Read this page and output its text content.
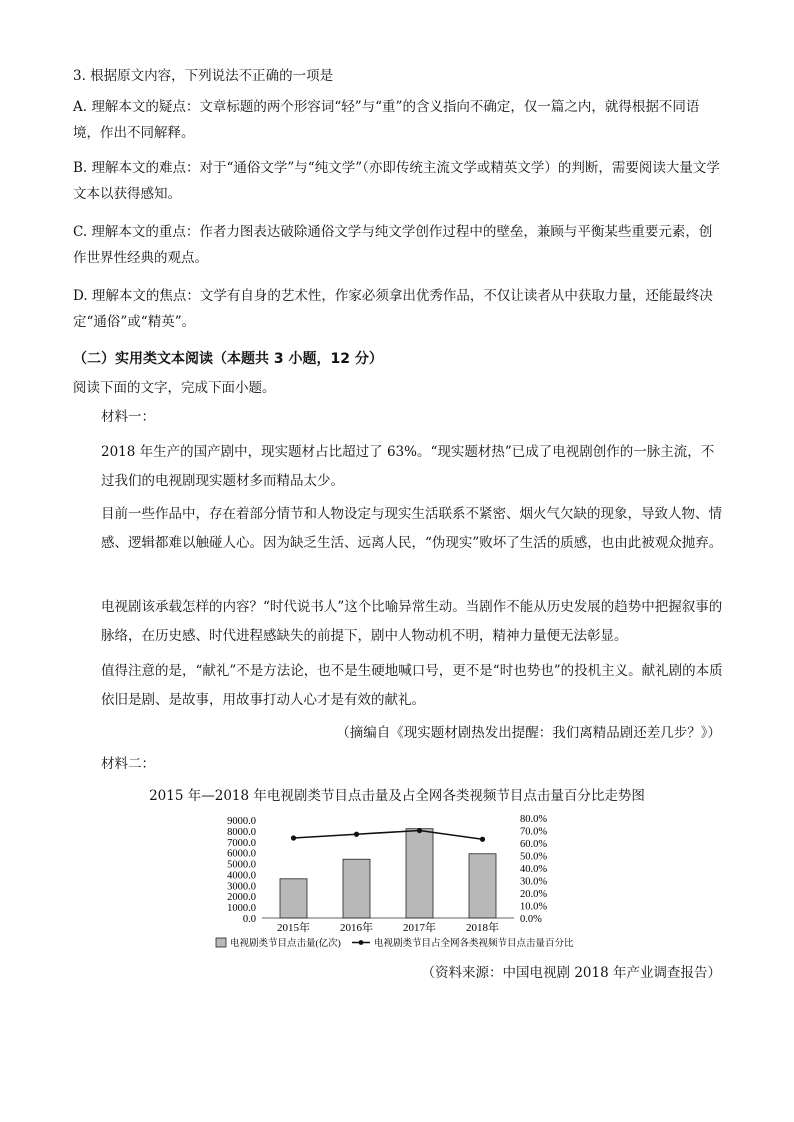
3. 根据原文内容，下列说法不正确的一项是
A. 理解本文的疑点：文章标题的两个形容词“轻”与“重”的含义指向不确定，仅一篇之内，就得根据不同语境，作出不同解释。
B. 理解本文的难点：对于“通俗文学”与“纯文学”（亦即传统主流文学或精英文学）的判断，需要阅读大量文学文本以获得感知。
C. 理解本文的重点：作者力图表达破除通俗文学与纯文学创作过程中的壁垒，兼顾与平衡某些重要元素，创作世界性经典的观点。
D. 理解本文的焦点：文学有自身的艺术性，作家必须拿出优秀作品，不仅让读者从中获取力量，还能最终决定“通俗”或“精英”。
（二）实用类文本阅读（本题共 3 小题，12 分）
阅读下面的文字，完成下面小题。
材料一：
2018 年生产的国产剧中，现实题材占比超过了 63%。“现实题材热”已成了电视剧创作的一脉主流，不过我们的电视剧现实题材多而精品太少。
目前一些作品中，存在着部分情节和人物设定与现实生活联系不紧密、烟火气欠缺的现象，导致人物、情感、逻辑都难以触碰人心。因为缺乏生活、远离人民，“伪现实”败坏了生活的质感，也由此被观众抛弃。
电视剧该承载怎样的内容？“时代说书人”这个比喻异常生动。当剧作不能从历史发展的趋势中把握叙事的脉络，在历史感、时代进程感缺失的前提下，剧中人物动机不明，精神力量便无法彰显。
值得注意的是，“献礼”不是方法论，也不是生硬地喊口号，更不是“时也势也”的投机主义。献礼剧的本质依旧是剧、是故事，用故事打动人心才是有效的献礼。
（摘编自《现实题材剧热发出提醒：我们离精品剧还差几步？》）
材料二：
2015 年—2018 年电视剧类节目点击量及占全网各类视频节目点击量百分比走势图
9000.0
8000.0
7000.0
6000.0
5000.0
4000.0
3000.0
2000.0
1000.0
0.0
80.0%
70.0%
60.0%
50.0%
40.0%
30.0%
20.0%
10.0%
0.0%
2015年	2016年	2017年	2018年
电视剧类节目点击量(亿次)	电视剧类节目占全网各类视频节目点击量百分比
（资料来源：中国电视剧 2018 年产业调查报告）
